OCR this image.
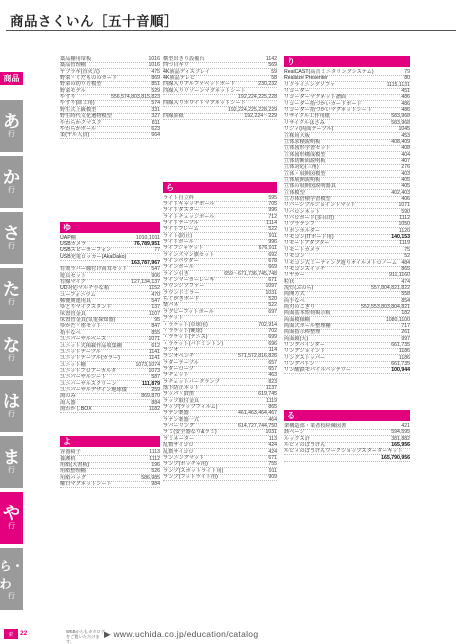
商品さくいん［五十音順］
商品
あ
行
か
行
さ
行
た
行
な
行
は
行
ま
行
や
行
ら・わ
行
薬品棚用扉板	1016
薬品管理棚	1016
ヤブラギ(直火式)	475
野菜・くだもののカード	869
野菜の切り方模型	851
野菜モデル	529
やすり	556,574,803,815,823
やすり(彫工用)	574
野生式上級模型	331
野生時代文化遺物模型	327
やわらかクマスク	811
やわらかボール	623
柔(ヤル人員)	664
ゆ
UAP棚	1010,1011
USBカメラ	76,789,951
USBスピーカーフォン	77
USB充電ロッカー(AkaDako)
163,787,967
有効ラバー線付け両耳セット	547
遊具セット	906
有線マイク	127,134,137
UD対応マルチ小な箱	1152
ユーフォニウム	470
郵便関連用具	547
ゆとりマイクスタンド	137
床置管金具	1107
床置管金具(気電探知器)	95
ゆかた・座セット	847
指平なべ	855
ユニバーサルベース	1071
ユニット式掲載作品収集棚	612
ユニットテーブル	1141
ユニットテーブル(カラー)	1141
ユニット棚	1073,1074
ユニットフロアーカルタ	1073
ユニバーサルシート	587
ユニバーサルスクリーン	111,879
ユニバーサルデザイン地球儀	259
湯のみ	869,870
湯入器	884
湯わかしBOX	1182
よ
容器椅子	1113
養護机	1112
用紙(大書板)	196
用紙整理棚	526
用紙バッグ	586,985
曜日マグネットシート	984
横型出きり設備台	1142
四つ目ギリ	569
4K液晶ディスプレイ	59
4K液晶テレビ	58
四線入りアルファベットボード	230,232
四線入りリゾーンマグネットシート
192,224,225,228
四線入りホワイトマグネットシート
192,224,225,228,229
四線罫紙	192,224〜229
ら
ライト自立枠	595
ライトキャッチボール	705
ライトダスター	996
ライトチェッジボール	712
ライトテーブル	1114
ライトフレーム	522
ライト(防止)	911
ライトボール	996
ライフジャケット	676,911
ラインズマン旗セット	692
ラインパウダー	678
ラインボール	669
ライン引き	659〜671,736,745,748
ラインマーカーレーキ	671
ラウンジソファー	1097
ラウンドミラー	1031
らくがきボード	520
楽パネ	522
ラグビーフットボール	697
ラケット
・ラケット(卓球用)	702,914
・ラケット(硬球)	702
・ラケット(テニス)	699
・ラケット(バドミントン)	696
ラジオ	114
ラジオペンチ	571,572,816,826
ラダーテーブル	657
ラダーロープ	657
ラチェット	463
ラチェットバーグランプ	823
落下防止ネット	1137
ラッパ・鼓笛	619,745
ラップ取付金具	1119
ラップ(ラップフィルム)	865
ラテン楽器	461,463,464,467
ラテン楽器一式	464
ラバーリング	614,727,744,750
ラミ(安全器なり&ラミ)	1031
ラミネーター	113
乱数サイコロ	424
乱数サイコロ	424
ランニングマット	671
ランプ(ボッチャ用)	755
ランプ(スポットライト用)	911
ランプ(フットライト用)	909
り
RealCAST(高音ミニタリングシステム)	79
Realsize Presenter	80
リクライニングソファ	1115,1131
リコーダー	451
リコーダーマグネット譜面	486
リコーダー指づかいカードボード	486
リコーダー指づかいマグネットシート	486
リサイクル工作用紙	583,968
リサイクルはさみ	583,968
リジィ(両面テープル)	1045
立株用大板	453
立体求積説明板	408,409
立体図形学習セット	408
立体図形構成模型	404
立体切断面説明板	407
立体対応(三角)	276
立体・展開図模型	403
立体展開説明板	405
立体の展開図説明器具	405
立体模型	402,403
立方体倍積学習模型	406
リバーシブルジョイントマット	1071
リバロンネット	590
リバロボード(多目的)	1112
リブラテンフ	1050
リボンホルダー	1120
リモコン(ITボード用)	140,153
リモートアダプター	1119
リモートカメラ	75
リモコン	52
リモコン式ミーティング遊りオイルメトロノーム 484
リモコンスイッチ	865
リヤカー	911,1160
粒状	474
流灯(ぷのら)	557,804,821,822
両開方式	558
両手なべ	854
両刃のこぎり	552,553,803,804,821
両面基本短荷掲示板	182
両面模様棚	1080,1100
両面式ボール整理棚	717
両面指示棒整理	261
両面鏡(大)	997
リングバインダー	661,735
リングジョイント	1186
リングストッパー	1186
リングバトン	661,735
リン酸鉄モバイルバッテリー	100,944
る
架構造部・業者校経練図書	421
該ページ	594,595
ルックス計	381,882
ルビィのぼうけん	165,956
ルビィのぼうけんワークショップスターターキット
165,790,956
索	22	WEBからもカタログをご覧いただけます。
▶ www.uchida.co.jp/education/catalog
